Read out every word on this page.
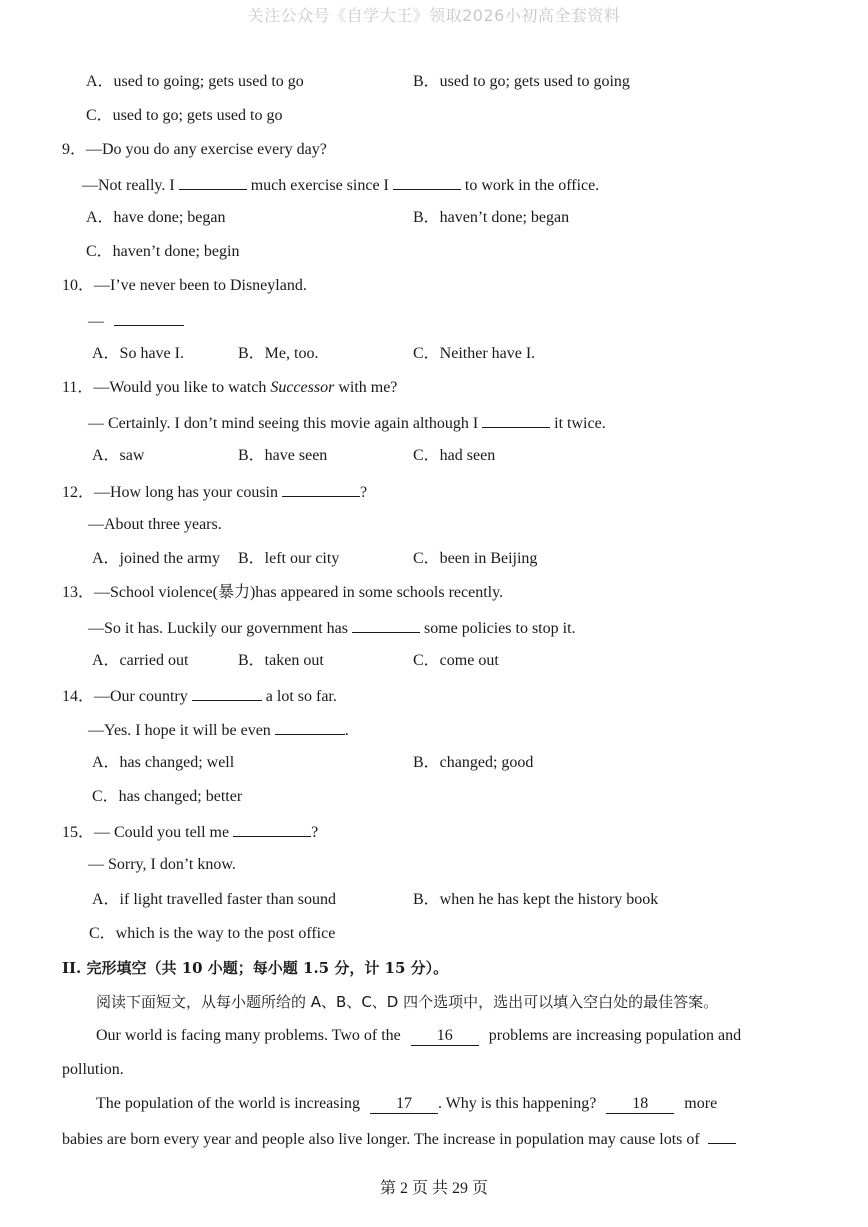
关注公众号《自学大王》领取2026小初高全套资料
A．used to going; gets used to go	B．used to go; gets used to going
C．used to go; gets used to go
9．—Do you do any exercise every day?
—Not really. I	much exercise since I	to work in the office.
A．have done; began	B．haven’t done; began
C．haven’t done; begin
10．—I’ve never been to Disneyland.
—
A．So have I.	B．Me, too.	C．Neither have I.
11．—Would you like to watch Successor with me?
— Certainly. I don’t mind seeing this movie again although I	it twice.
A．saw	B．have seen	C．had seen
12．—How long has your cousin	?
—About three years.
A．joined the army B．left our city	C．been in Beijing
13．—School violence(暴力)has appeared in some schools recently.
—So it has. Luckily our government has	some policies to stop it.
A．carried out	B．taken out	C．come out
14．—Our country	a lot so far.
—Yes. I hope it will be even	.
A．has changed; well	B．changed; good
C．has changed; better
15．— Could you tell me	?
— Sorry, I don’t know.
A．if light travelled faster than sound	B．when he has kept the history book
C．which is the way to the post office
II. 完形填空（共 10 小题；每小题 1.5 分，计 15 分）。
阅读下面短文，从每小题所给的 A、B、C、D 四个选项中，选出可以填入空白处的最佳答案。
Our world is facing many problems. Two of the 16 problems are increasing population and
pollution.
The population of the world is increasing 17 . Why is this happening? 18 more
babies are born every year and people also live longer. The increase in population may cause lots of
第 2 页 共 29 页
